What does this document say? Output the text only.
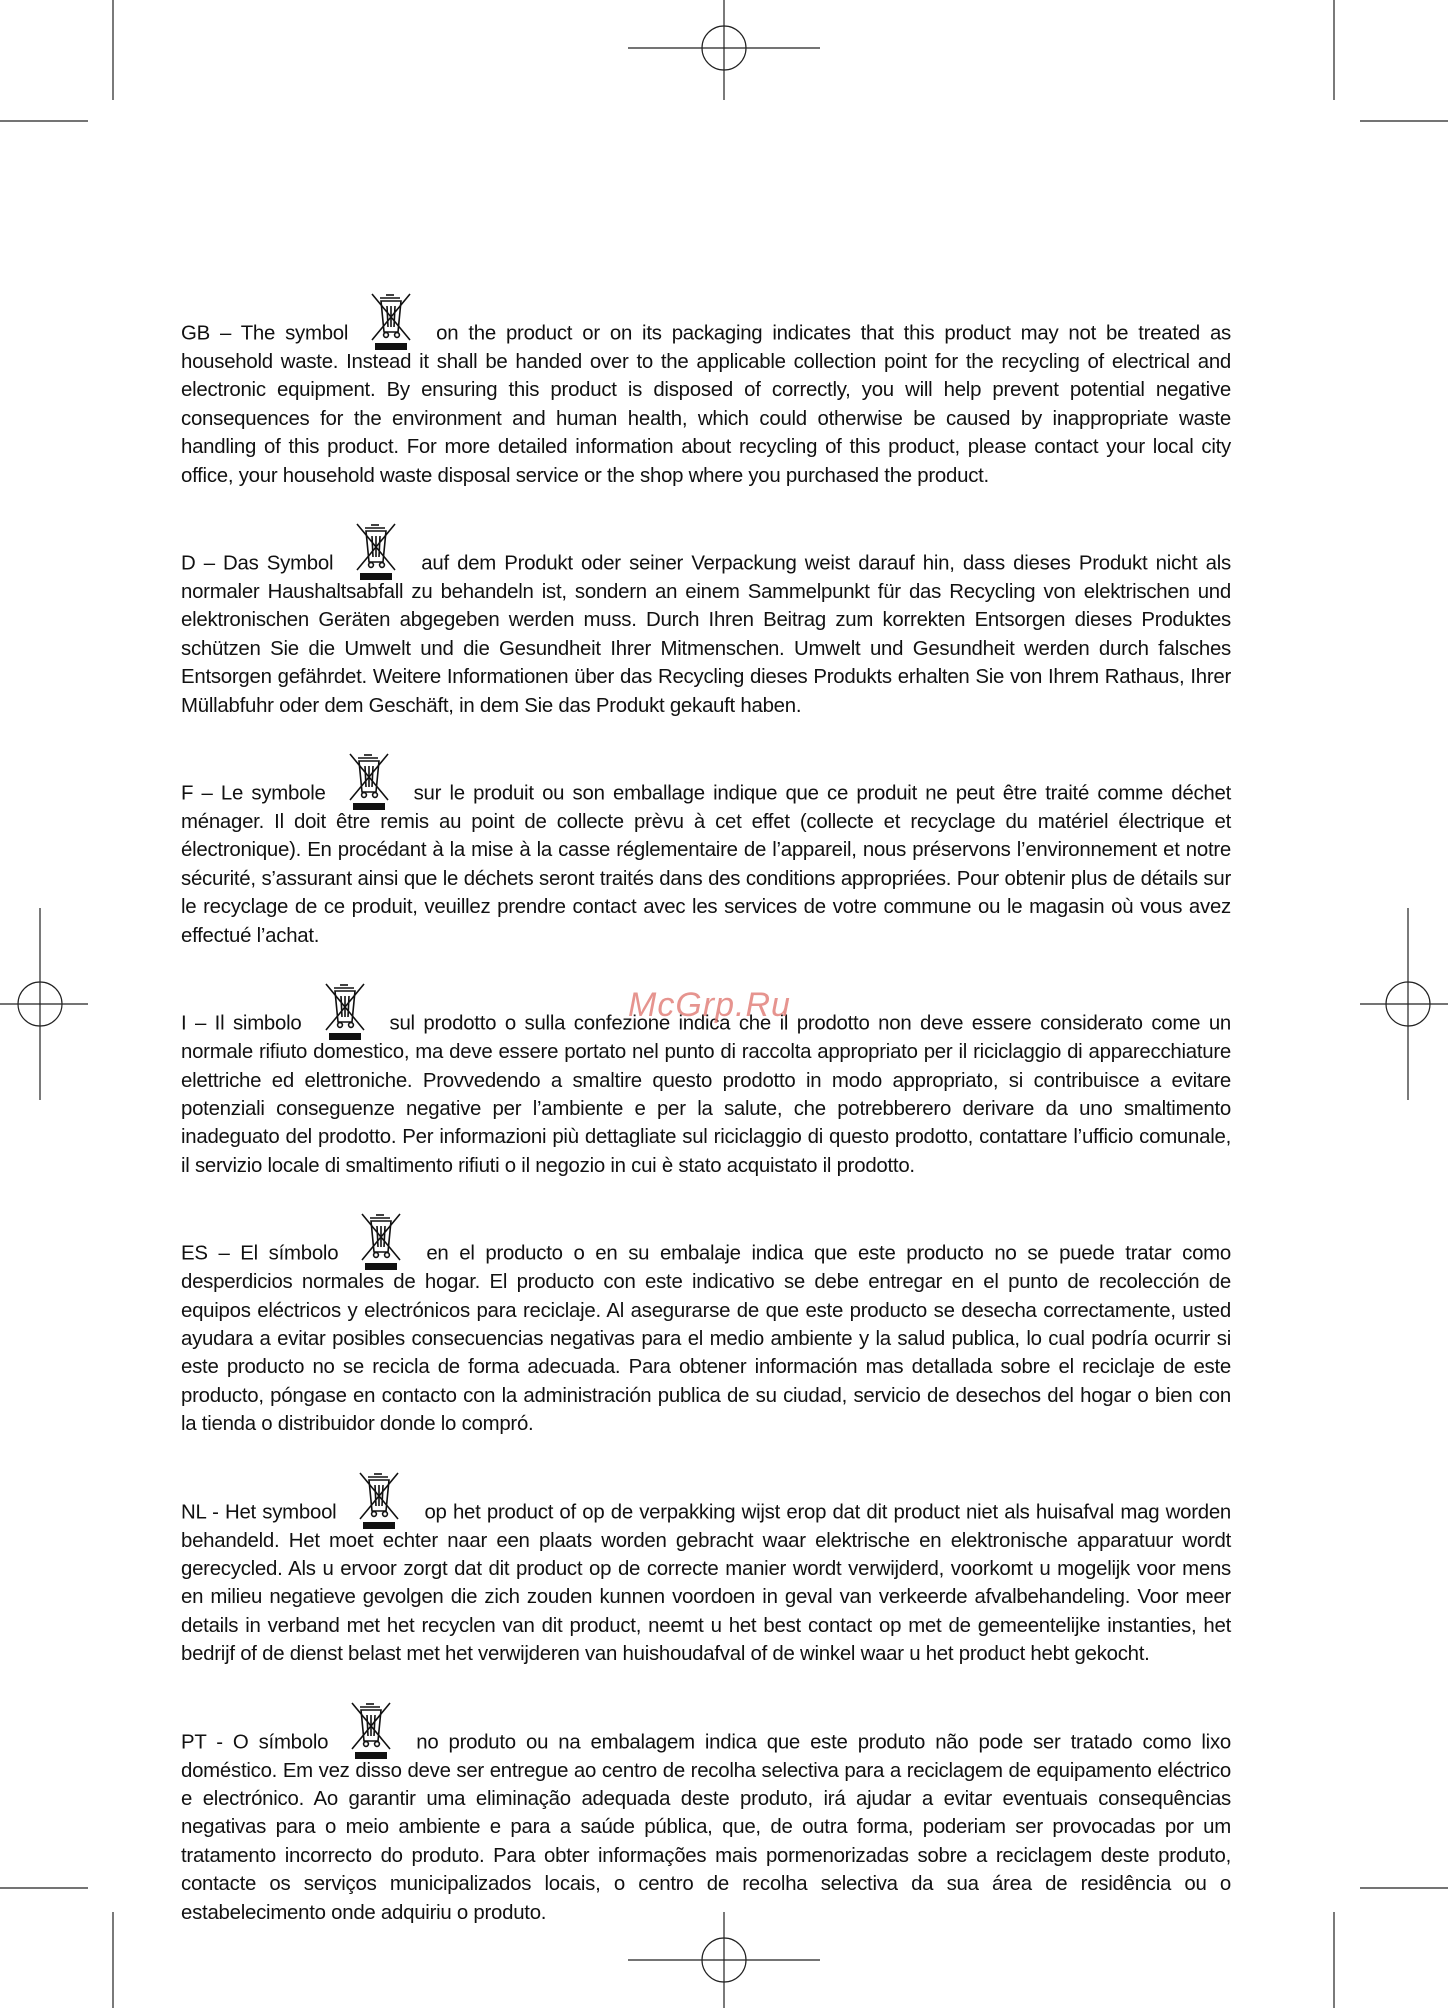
GB – The symbol	on the product or on its packaging indicates that this product may not be treated as household waste. Instead it shall be handed over to the applicable collection point for the recycling of electrical and electronic equipment. By ensuring this product is disposed of correctly, you will help prevent potential negative consequences for the environment and human health, which could otherwise be caused by inappropriate waste handling of this product. For more detailed information about recycling of this product, please contact your local city office, your household waste disposal service or the shop where you purchased the product.

D – Das Symbol	auf dem Produkt oder seiner Verpackung weist darauf hin, dass dieses Produkt nicht als normaler Haushaltsabfall zu behandeln ist, sondern an einem Sammelpunkt für das Recycling von elektrischen und elektronischen Geräten abgegeben werden muss. Durch Ihren Beitrag zum korrekten Entsorgen dieses Produktes schützen Sie die Umwelt und die Gesundheit Ihrer Mitmenschen. Umwelt und Gesundheit werden durch falsches Entsorgen gefährdet. Weitere Informationen über das Recycling dieses Produkts erhalten Sie von Ihrem Rathaus, Ihrer Müllabfuhr oder dem Geschäft, in dem Sie das Produkt gekauft haben.

F – Le symbole	sur le produit ou son emballage indique que ce produit ne peut être traité comme déchet ménager. Il doit être remis au point de collecte prèvu à cet effet (collecte et recyclage du matériel électrique et électronique). En procédant à la mise à la casse réglementaire de l’appareil, nous préservons l’environnement et notre sécurité, s’assurant ainsi que le déchets seront traités dans des conditions appropriées. Pour obtenir plus de détails sur le recyclage de ce produit, veuillez prendre contact avec les services de votre commune ou le magasin où vous avez effectué l’achat.

I – Il simbolo	sul prodotto o sulla confezione indica che il prodotto non deve essere considerato come un normale rifiuto domestico, ma deve essere portato nel punto di raccolta appropriato per il riciclaggio di apparecchiature elettriche ed elettroniche. Provvedendo a smaltire questo prodotto in modo appropriato, si contribuisce a evitare potenziali conseguenze negative per l’ambiente e per la salute, che potrebberero derivare da uno smaltimento inadeguato del prodotto. Per informazioni più dettagliate sul riciclaggio di questo prodotto, contattare l’ufficio comunale, il servizio locale di smaltimento rifiuti o il negozio in cui è stato acquistato il prodotto.

ES – El símbolo	en el producto o en su embalaje indica que este producto no se puede tratar como desperdicios normales de hogar. El producto con este indicativo se debe entregar en el punto de recolección de equipos eléctricos y electrónicos para reciclaje. Al asegurarse de que este producto se desecha correctamente, usted ayudara a evitar posibles consecuencias negativas para el medio ambiente y la salud publica, lo cual podría ocurrir si este producto no se recicla de forma adecuada. Para obtener información mas detallada sobre el reciclaje de este producto, póngase en contacto con la administración publica de su ciudad, servicio de desechos del hogar o bien con la tienda o distribuidor donde lo compró.

NL - Het symbool	op het product of op de verpakking wijst erop dat dit product niet als huisafval mag worden behandeld. Het moet echter naar een plaats worden gebracht waar elektrische en elektronische apparatuur wordt gerecycled. Als u ervoor zorgt dat dit product op de correcte manier wordt verwijderd, voorkomt u mogelijk voor mens en milieu negatieve gevolgen die zich zouden kunnen voordoen in geval van verkeerde afvalbehandeling. Voor meer details in verband met het recyclen van dit product, neemt u het best contact op met de gemeentelijke instanties, het bedrijf of de dienst belast met het verwijderen van huishoudafval of de winkel waar u het product hebt gekocht.

PT - O símbolo	no produto ou na embalagem indica que este produto não pode ser tratado como lixo doméstico. Em vez disso deve ser entregue ao centro de recolha selectiva para a reciclagem de equipamento eléctrico e electrónico. Ao garantir uma eliminação adequada deste produto, irá ajudar a evitar eventuais consequências negativas para o meio ambiente e para a saúde pública, que, de outra forma, poderiam ser provocadas por um tratamento incorrecto do produto. Para obter informações mais pormenorizadas sobre a reciclagem deste produto, contacte os serviços municipalizados locais, o centro de recolha selectiva da sua área de residência ou o estabelecimento onde adquiriu o produto.

McGrp.Ru
